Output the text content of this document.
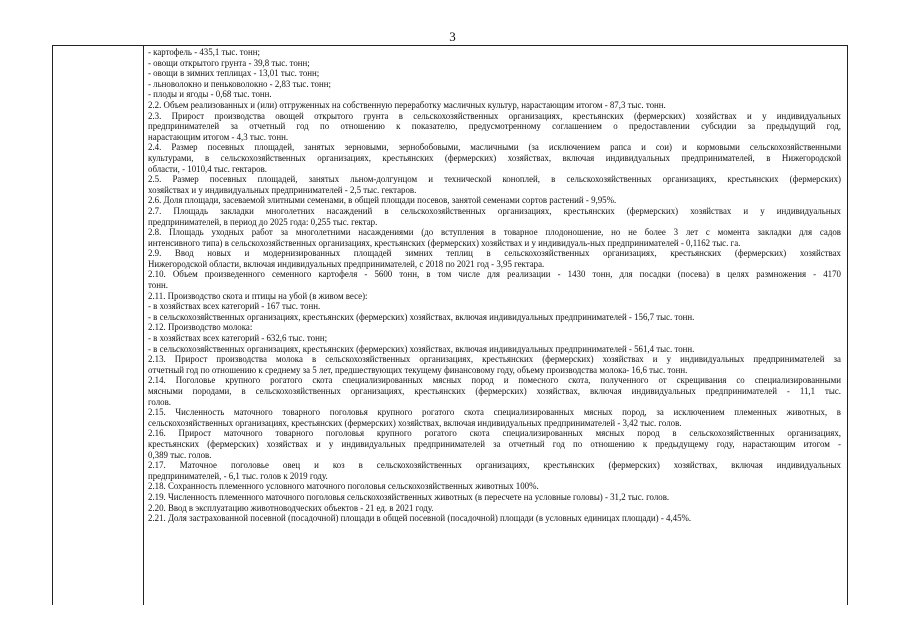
3
- картофель - 435,1 тыс. тонн;
- овощи открытого грунта - 39,8 тыс. тонн;
- овощи в зимних теплицах - 13,01 тыс. тонн;
- льноволокно и пеньковолокно - 2,83 тыс. тонн;
- плоды и ягоды - 0,68 тыс. тонн.
2.2. Объем реализованных и (или) отгруженных на собственную переработку масличных культур, нарастающим итогом - 87,3 тыс. тонн.
2.3. Прирост производства овощей открытого грунта в сельскохозяйственных организациях, крестьянских (фермерских) хозяйствах и у индивидуальных
предпринимателей за отчетный год по отношению к показателю, предусмотренному соглашением о предоставлении субсидии за предыдущий год,
нарастающим итогом - 4,3 тыс. тонн.
2.4. Размер посевных площадей, занятых зерновыми, зернобобовыми, масличными (за исключением рапса и сои) и кормовыми сельскохозяйственными
культурами, в сельскохозяйственных организациях, крестьянских (фермерских) хозяйствах, включая индивидуальных предпринимателей, в Нижегородской
области, - 1010,4 тыс. гектаров.
2.5. Размер посевных площадей, занятых льном-долгунцом и технической коноплей, в сельскохозяйственных организациях, крестьянских (фермерских)
хозяйствах и у индивидуальных предпринимателей - 2,5 тыс. гектаров.
2.6. Доля площади, засеваемой элитными семенами, в общей площади посевов, занятой семенами сортов растений - 9,95%.
2.7. Площадь закладки многолетних насаждений в сельскохозяйственных организациях, крестьянских (фермерских) хозяйствах и у индивидуальных
предпринимателей, в период до 2025 года: 0,255 тыс. гектар.
2.8. Площадь уходных работ за многолетними насаждениями (до вступления в товарное плодоношение, но не более 3 лет с момента закладки для садов
интенсивного типа) в сельскохозяйственных организациях, крестьянских (фермерских) хозяйствах и у индивидуаль-ных предпринимателей - 0,1162 тыс. га.
2.9. Ввод новых и модернизированных площадей зимних теплиц в сельскохозяйственных организациях, крестьянских (фермерских) хозяйствах
Нижегородской области, включая индивидуальных предпринимателей, с 2018 по 2021 год - 3,95 гектара.
2.10. Объем произведенного семенного картофеля - 5600 тонн, в том числе для реализации - 1430 тонн, для посадки (посева) в целях размножения - 4170
тонн.
2.11. Производство скота и птицы на убой (в живом весе):
- в хозяйствах всех категорий - 167 тыс. тонн.
- в сельскохозяйственных организациях, крестьянских (фермерских) хозяйствах, включая индивидуальных предпринимателей - 156,7 тыс. тонн.
2.12. Производство молока:
- в хозяйствах всех категорий - 632,6 тыс. тонн;
- в сельскохозяйственных организациях, крестьянских (фермерских) хозяйствах, включая индивидуальных предпринимателей - 561,4 тыс. тонн.
2.13. Прирост производства молока в сельскохозяйственных организациях, крестьянских (фермерских) хозяйствах и у индивидуальных предпринимателей за
отчетный год по отношению к среднему за 5 лет, предшествующих текущему финансовому году, объему производства молока- 16,6 тыс. тонн.
2.14. Поголовье крупного рогатого скота специализированных мясных пород и помесного скота, полученного от скрещивания со специализированными
мясными породами, в сельскохозяйственных организациях, крестьянских (фермерских) хозяйствах, включая индивидуальных предпринимателей - 11,1 тыс.
голов.
2.15. Численность маточного товарного поголовья крупного рогатого скота специализированных мясных пород, за исключением племенных животных, в
сельскохозяйственных организациях, крестьянских (фермерских) хозяйствах, включая индивидуальных предпринимателей - 3,42 тыс. голов.
2.16. Прирост маточного товарного поголовья крупного рогатого скота специализированных мясных пород в сельскохозяйственных организациях,
крестьянских (фермерских) хозяйствах и у индивидуальных предпринимателей за отчетный год по отношению к предыдущему году, нарастающим итогом -
0,389 тыс. голов.
2.17. Маточное поголовье овец и коз в сельскохозяйственных организациях, крестьянских (фермерских) хозяйствах, включая индивидуальных
предпринимателей, - 6,1 тыс. голов к 2019 году.
2.18. Сохранность племенного условного маточного поголовья сельскохозяйственных животных 100%.
2.19. Численность племенного маточного поголовья сельскохозяйственных животных (в пересчете на условные головы) - 31,2 тыс. голов.
2.20. Ввод в эксплуатацию животноводческих объектов - 21 ед. в 2021 году.
2.21. Доля застрахованной посевной (посадочной) площади в общей посевной (посадочной) площади (в условных единицах площади) - 4,45%.
